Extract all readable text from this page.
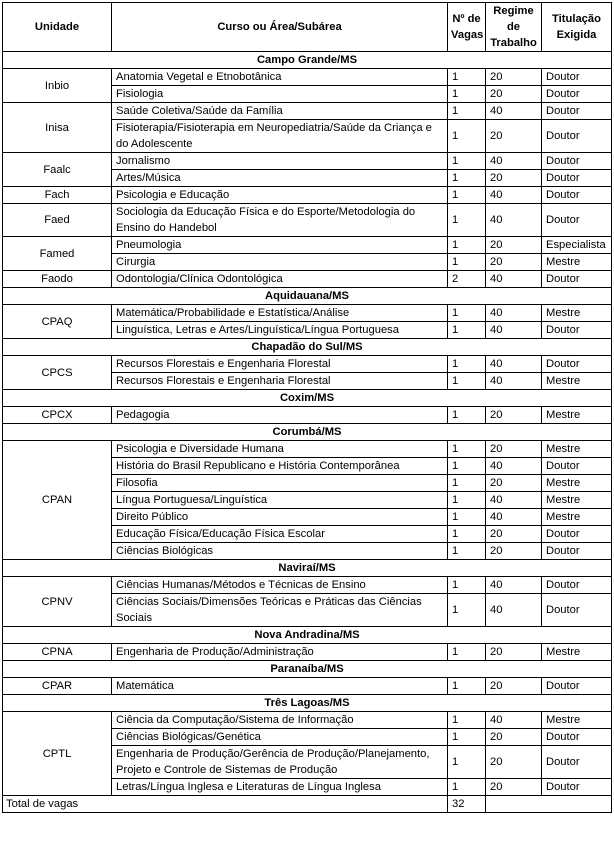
Unidade	Curso ou Área/Subárea	Nº de Vagas	Regime de Trabalho	Titulação Exigida
Campo Grande/MS				
Inbio	Anatomia Vegetal e Etnobotânica	1	20	Doutor
	Fisiologia	1	20	Doutor
Inisa	Saúde Coletiva/Saúde da Família	1	40	Doutor
	Fisioterapia/Fisioterapia em Neuropediatria/Saúde da Criança e do Adolescente	1	20	Doutor
Faalc	Jornalismo	1	40	Doutor
	Artes/Música	1	20	Doutor
Fach	Psicologia e Educação	1	40	Doutor
Faed	Sociologia da Educação Física e do Esporte/Metodologia do Ensino do Handebol	1	40	Doutor
Famed	Pneumologia	1	20	Especialista
	Cirurgia	1	20	Mestre
Faodo	Odontologia/Clínica Odontológica	2	40	Doutor
Aquidauana/MS				
CPAQ	Matemática/Probabilidade e Estatística/Análise	1	40	Mestre
	Linguística, Letras e Artes/Linguística/Língua Portuguesa	1	40	Doutor
Chapadão do Sul/MS				
CPCS	Recursos Florestais e Engenharia Florestal	1	40	Doutor
	Recursos Florestais e Engenharia Florestal	1	40	Mestre
Coxim/MS				
CPCX	Pedagogia	1	20	Mestre
Corumbá/MS				
CPAN	Psicologia e Diversidade Humana	1	20	Mestre
	História do Brasil Republicano e História Contemporânea	1	40	Doutor
	Filosofia	1	20	Mestre
	Língua Portuguesa/Linguística	1	40	Mestre
	Direito Público	1	40	Mestre
	Educação Física/Educação Física Escolar	1	20	Doutor
	Ciências Biológicas	1	20	Doutor
Naviraí/MS				
CPNV	Ciências Humanas/Métodos e Técnicas de Ensino	1	40	Doutor
	Ciências Sociais/Dimensões Teóricas e Práticas das Ciências Sociais	1	40	Doutor
Nova Andradina/MS				
CPNA	Engenharia de Produção/Administração	1	20	Mestre
Paranaíba/MS				
CPAR	Matemática	1	20	Doutor
Três Lagoas/MS				
CPTL	Ciência da Computação/Sistema de Informação	1	40	Mestre
	Ciências Biológicas/Genética	1	20	Doutor
	Engenharia de Produção/Gerência de Produção/Planejamento, Projeto e Controle de Sistemas de Produção	1	20	Doutor
	Letras/Língua Inglesa e Literaturas de Língua Inglesa	1	20	Doutor
Total de vagas		32		
